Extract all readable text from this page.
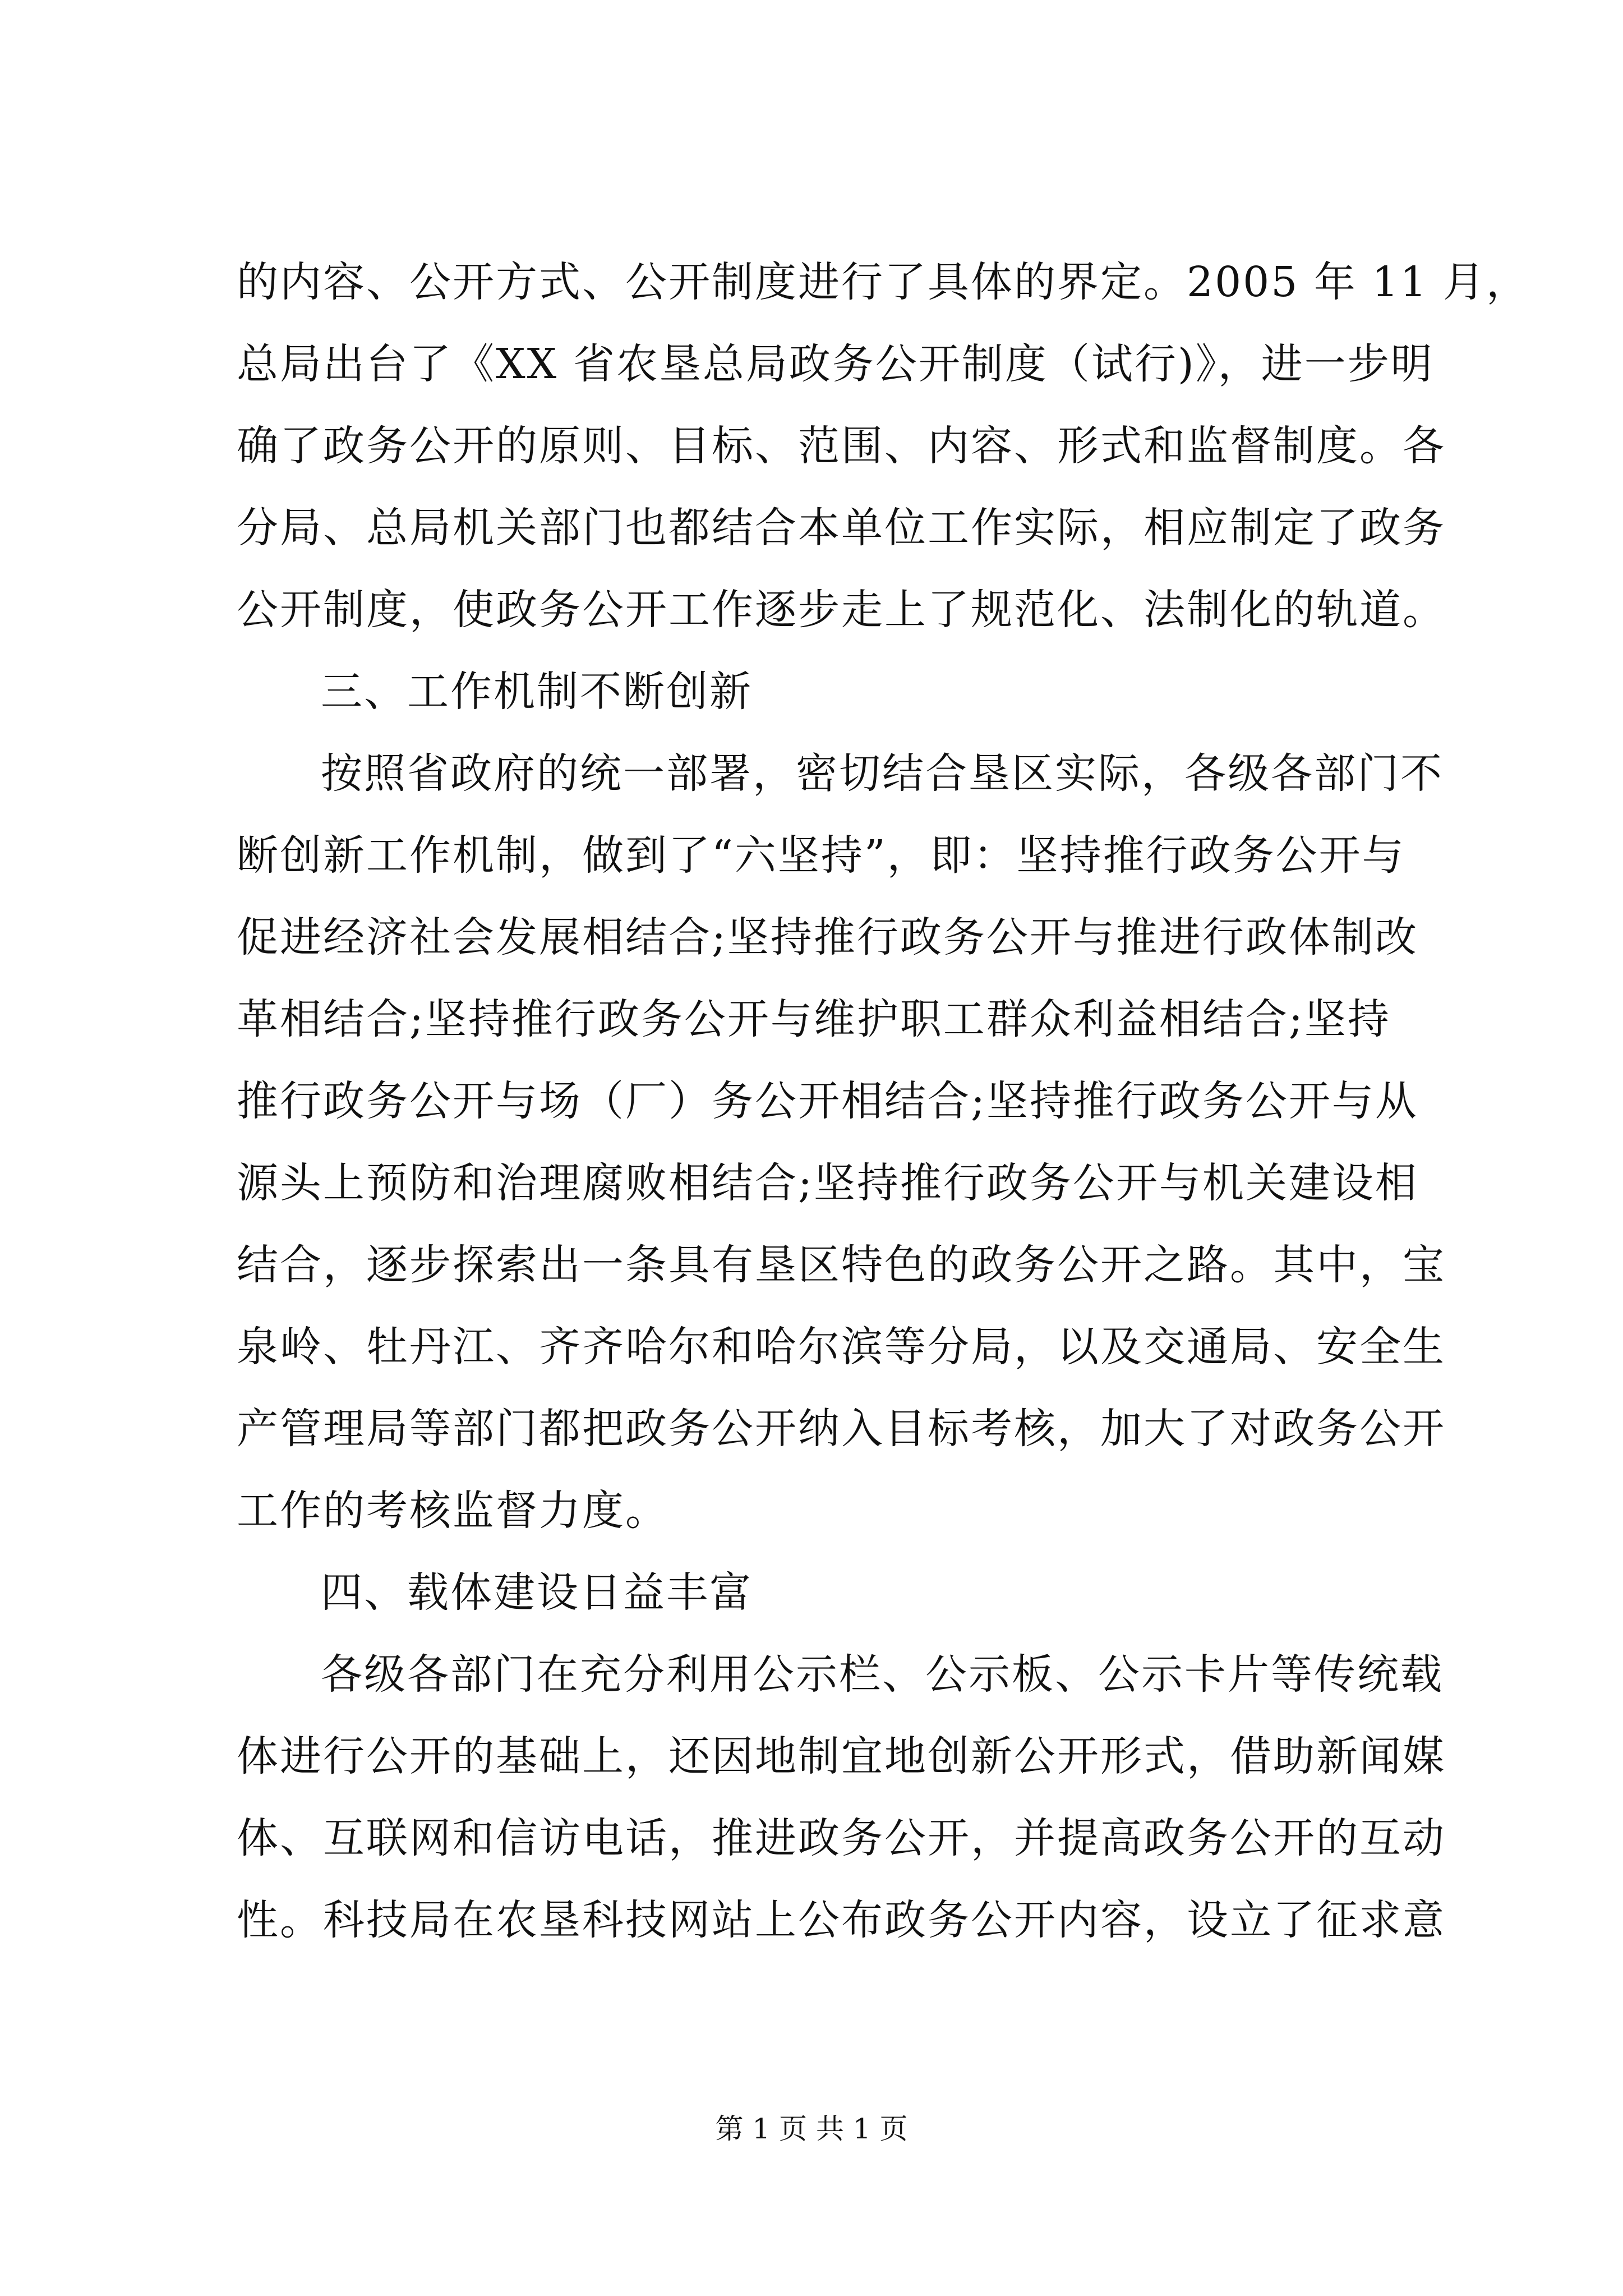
的内容、公开方式、公开制度进行了具体的界定。2005 年 11 月，
总局出台了《XX 省农垦总局政务公开制度（试行)》，进一步明
确了政务公开的原则、目标、范围、内容、形式和监督制度。各
分局、总局机关部门也都结合本单位工作实际，相应制定了政务
公开制度，使政务公开工作逐步走上了规范化、法制化的轨道。
三、工作机制不断创新
按照省政府的统一部署，密切结合垦区实际，各级各部门不
断创新工作机制，做到了“六坚持”，即：坚持推行政务公开与
促进经济社会发展相结合;坚持推行政务公开与推进行政体制改
革相结合;坚持推行政务公开与维护职工群众利益相结合;坚持
推行政务公开与场（厂）务公开相结合;坚持推行政务公开与从
源头上预防和治理腐败相结合;坚持推行政务公开与机关建设相
结合，逐步探索出一条具有垦区特色的政务公开之路。其中，宝
泉岭、牡丹江、齐齐哈尔和哈尔滨等分局，以及交通局、安全生
产管理局等部门都把政务公开纳入目标考核，加大了对政务公开
工作的考核监督力度。
四、载体建设日益丰富
各级各部门在充分利用公示栏、公示板、公示卡片等传统载
体进行公开的基础上，还因地制宜地创新公开形式，借助新闻媒
体、互联网和信访电话，推进政务公开，并提高政务公开的互动
性。科技局在农垦科技网站上公布政务公开内容，设立了征求意
第 1 页 共 1 页
